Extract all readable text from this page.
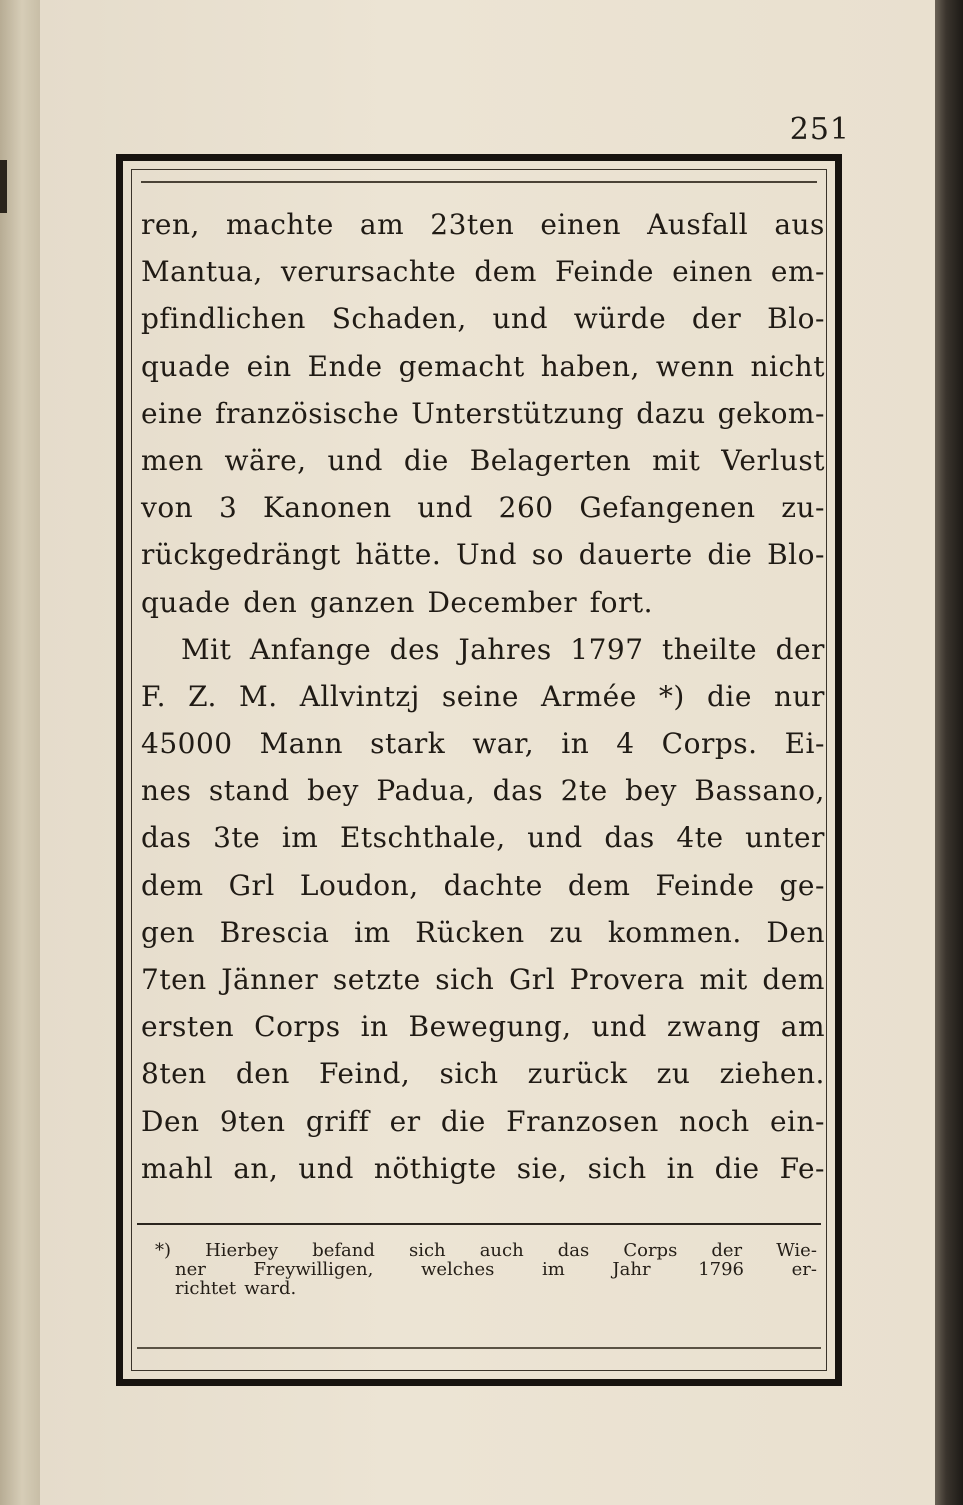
251
ren, machte am 23ten einen Ausfall aus
Mantua, verursachte dem Feinde einen em-
pfindlichen Schaden, und würde der Blo-
quade ein Ende gemacht haben, wenn nicht
eine französische Unterstützung dazu gekom-
men wäre, und die Belagerten mit Verlust
von 3 Kanonen und 260 Gefangenen zu-
rückgedrängt hätte. Und so dauerte die Blo-
quade den ganzen December fort.
Mit Anfange des Jahres 1797 theilte der
F. Z. M. Allvintzj seine Armée *) die nur
45000 Mann stark war, in 4 Corps. Ei-
nes stand bey Padua, das 2te bey Bassano,
das 3te im Etschthale, und das 4te unter
dem Grl Loudon, dachte dem Feinde ge-
gen Brescia im Rücken zu kommen. Den
7ten Jänner setzte sich Grl Provera mit dem
ersten Corps in Bewegung, und zwang am
8ten den Feind, sich zurück zu ziehen.
Den 9ten griff er die Franzosen noch ein-
mahl an, und nöthigte sie, sich in die Fe-
*) Hierbey befand sich auch das Corps der Wie-
ner	Freywilligen,	welches	im	Jahr	1796	er-
richtet ward.
